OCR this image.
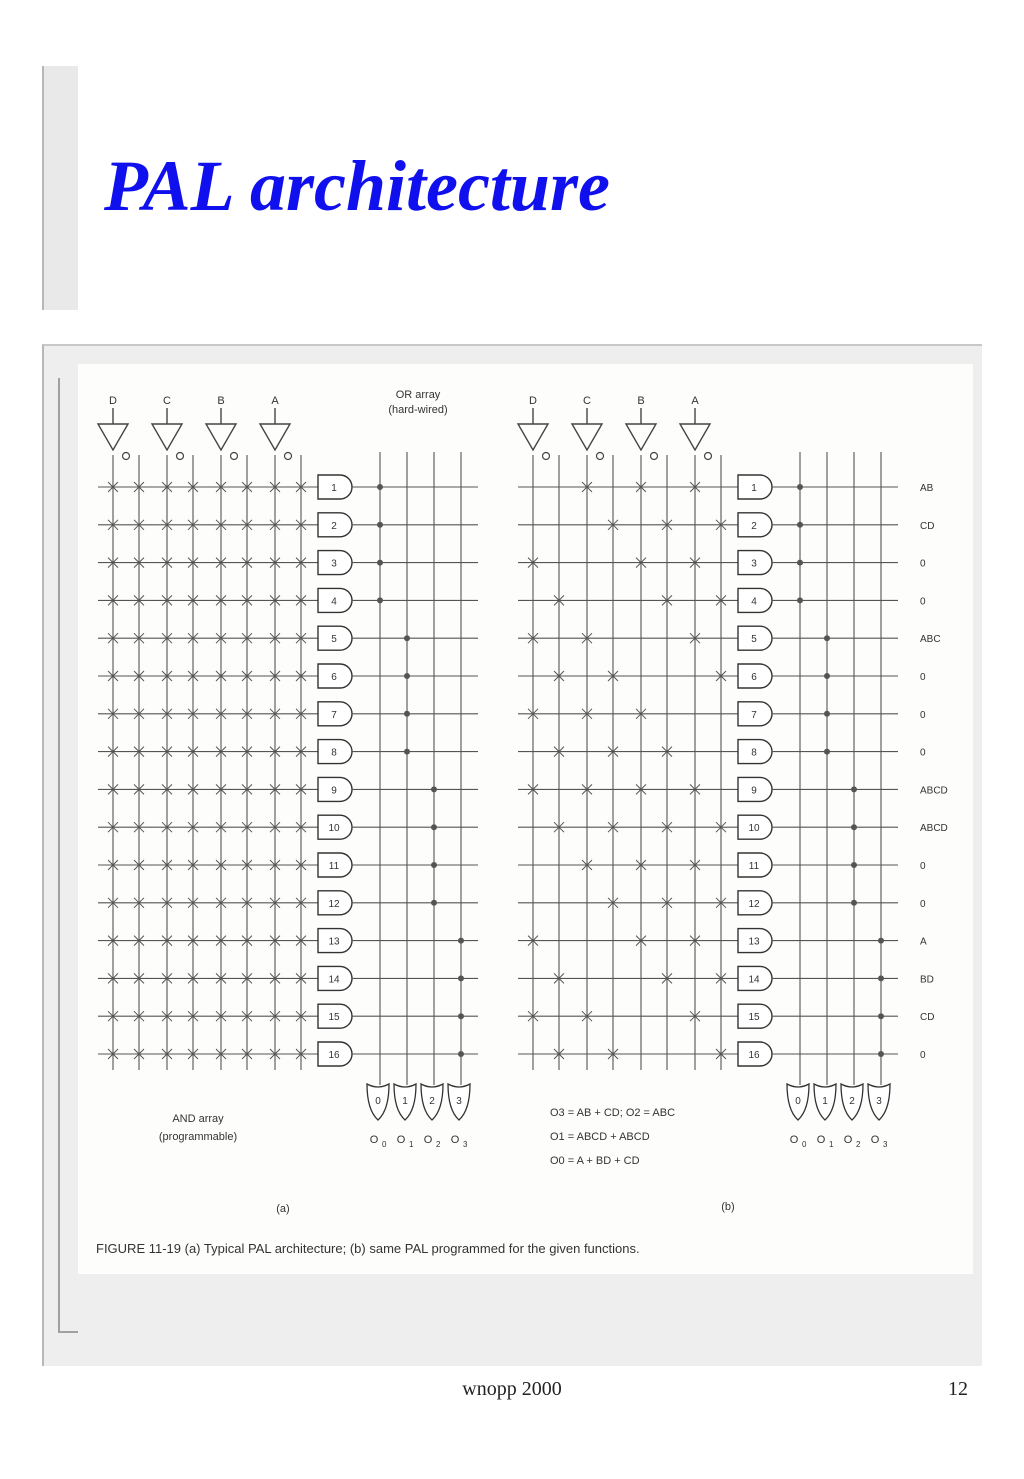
PAL architecture
D	C	B	A
1
2
3
4
5
6
7
8
9
10
11
12
13
14
15
16
3
O 3
2
O 2
1
O 1
0
O 0
D	C	B	A
1	AB
2	CD
3	0
4	0
5	ABC
6	0
7	0
8	0
9	ABCD
10	ABCD
11	0
12	0
13	A
14	BD
15	CD
16	0
3
O 3
2
O 2
1
O 1
0
O 0
OR array
(hard-wired)
AND array
(programmable)
(a)	(b)
O3 = AB + CD; O2 = ABC
O1 = ABCD + ABCD
O0 = A + BD + CD
FIGURE 11-19 (a) Typical PAL architecture; (b) same PAL programmed for the given functions.
wnopp 2000	12
